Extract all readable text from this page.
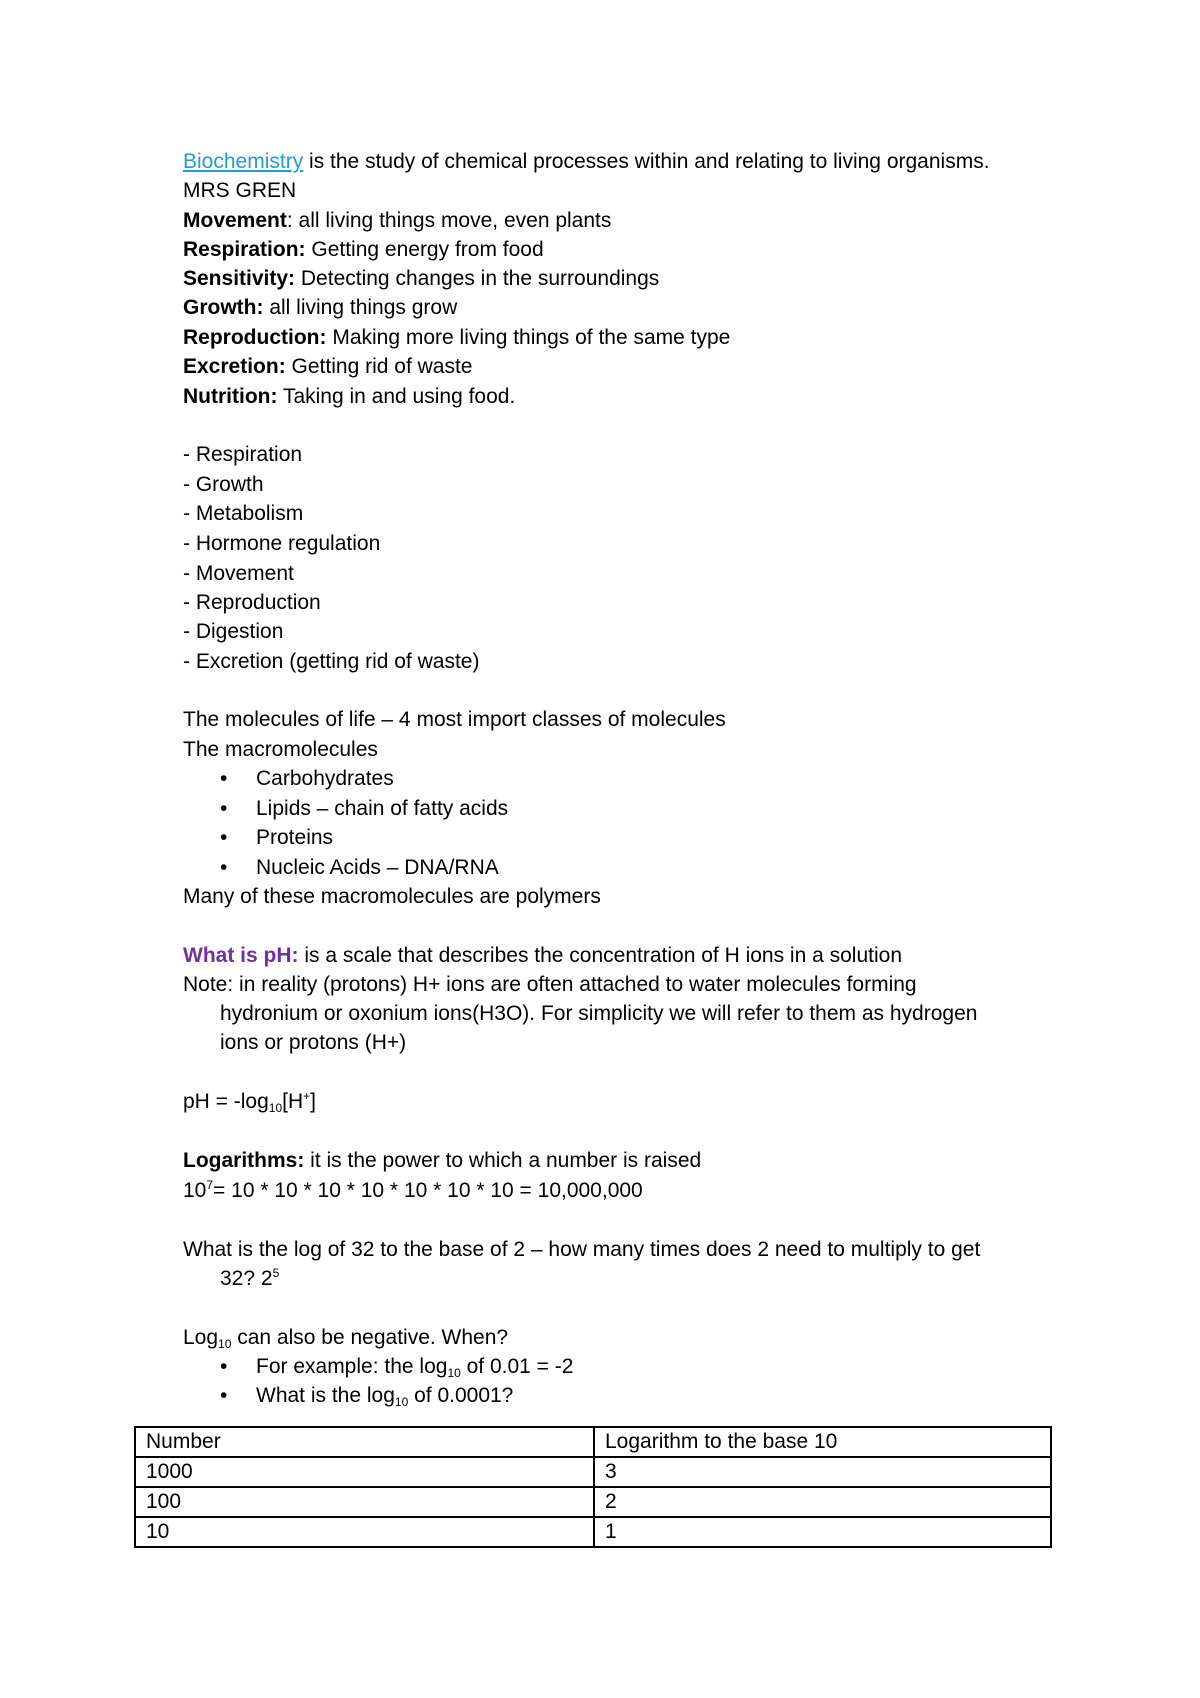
Biochemistry is the study of chemical processes within and relating to living organisms.
MRS GREN
Movement: all living things move, even plants
Respiration: Getting energy from food
Sensitivity: Detecting changes in the surroundings
Growth: all living things grow
Reproduction: Making more living things of the same type
Excretion: Getting rid of waste
Nutrition: Taking in and using food.
- Respiration
- Growth
- Metabolism
- Hormone regulation
- Movement
- Reproduction
- Digestion
- Excretion (getting rid of waste)
The molecules of life – 4 most import classes of molecules
The macromolecules
•	Carbohydrates
•	Lipids – chain of fatty acids
•	Proteins
•	Nucleic Acids – DNA/RNA
Many of these macromolecules are polymers
What is pH: is a scale that describes the concentration of H ions in a solution
Note: in reality (protons) H+ ions are often attached to water molecules forming
hydronium or oxonium ions(H3O). For simplicity we will refer to them as hydrogen
ions or protons (H+)
pH = $-\log_{10}[H^+]$
Logarithms: it is the power to which a number is raised
$10^7= 10 * 10 * 10 * 10 * 10 * 10 * 10 = 10,000,000$
What is the log of 32 to the base of 2 – how many times does 2 need to multiply to get
32? $2^5$
Log$_{10}$ can also be negative. When?
•	For example: the $\log_{10}$ of 0.01 = -2
•	What is the $\log_{10}$ of 0.0001?
Number	Logarithm to the base 10
1000	3
100	2
10	1
